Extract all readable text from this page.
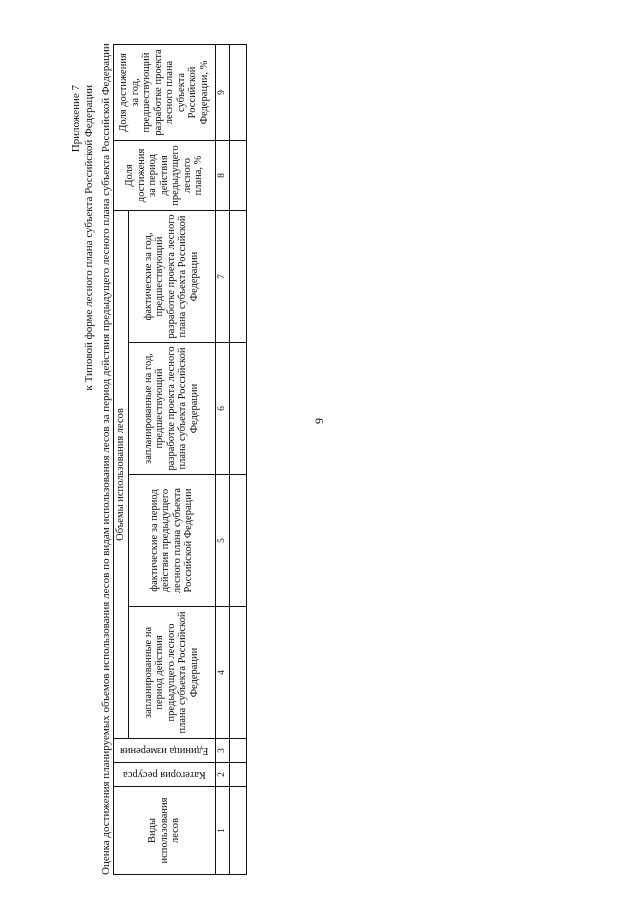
9
Приложение 7 к Типовой форме лесного плана субъекта Российской Федерации Оценка достижения планируемых объемов использования лесов по видам использования лесов за период действия предыдущего лесного плана субъекта Российской Федерации	Виды использования лесов	Категория ресурса	Единица измерения	Объемы использования лесов				Доля достижения за период действия предыдущего лесного плана, %	Доля достижения за год, предшествующий разработке проекта лесного плана субъекта Российской Федерации, %
			запланированные на период действия предыдущего лесного плана субъекта Российской Федерации	фактические за период действия предыдущего лесного плана субъекта Российской Федерации	запланированные на год, предшествующий разработке проекта лесного плана субъекта Российской Федерации	фактические за год, предшествующий разработке проекта лесного плана субъекта Российской Федерации		
1	2	3	4	5	6	7	8	9
